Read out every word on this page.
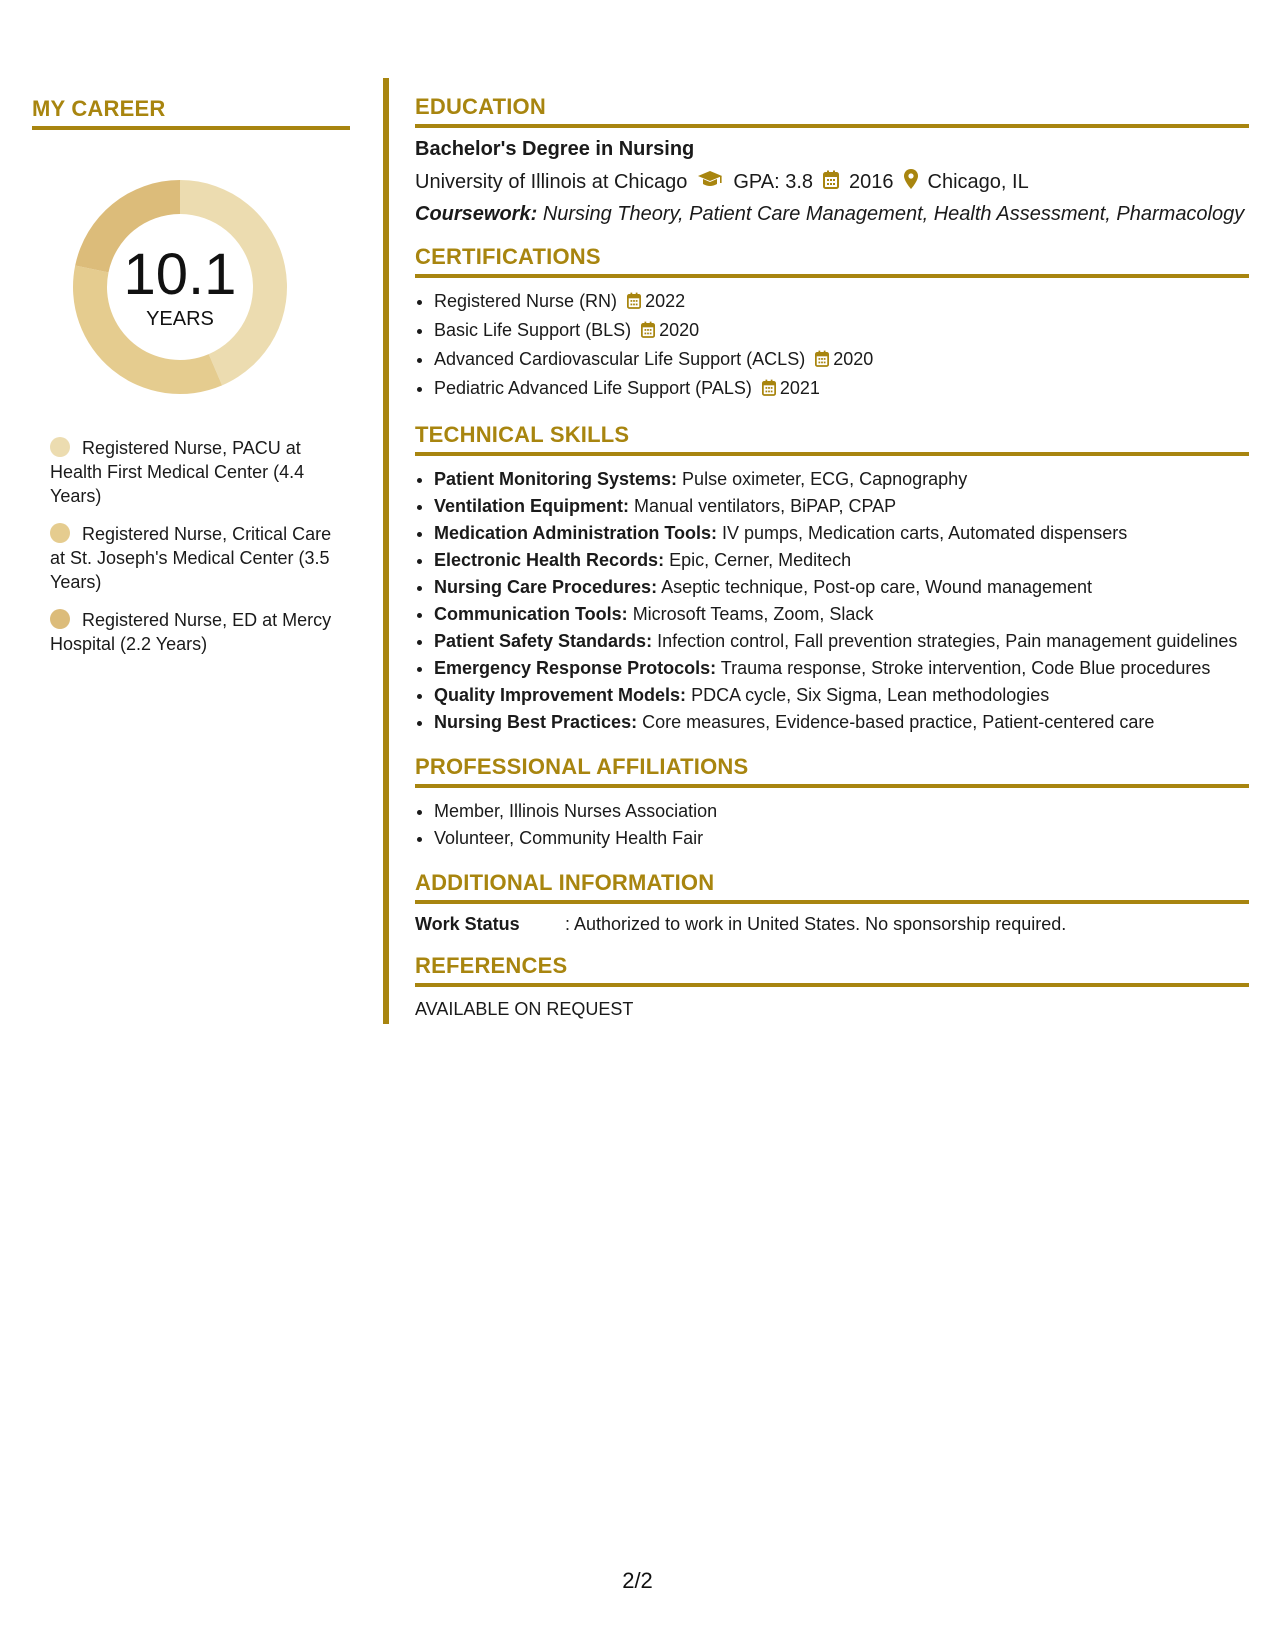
MY CAREER
10.1
YEARS
Registered Nurse, PACU at Health First Medical Center (4.4 Years)
Registered Nurse, Critical Care at St. Joseph's Medical Center (3.5 Years)
Registered Nurse, ED at Mercy Hospital (2.2 Years)
EDUCATION
Bachelor's Degree in Nursing
University of Illinois at Chicago GPA: 3.8 2016 Chicago, IL
Coursework: Nursing Theory, Patient Care Management, Health Assessment, Pharmacology
CERTIFICATIONS
• Registered Nurse (RN) 2022
• Basic Life Support (BLS) 2020
• Advanced Cardiovascular Life Support (ACLS) 2020
• Pediatric Advanced Life Support (PALS) 2021
TECHNICAL SKILLS
• Patient Monitoring Systems: Pulse oximeter, ECG, Capnography
• Ventilation Equipment: Manual ventilators, BiPAP, CPAP
• Medication Administration Tools: IV pumps, Medication carts, Automated dispensers
• Electronic Health Records: Epic, Cerner, Meditech
• Nursing Care Procedures: Aseptic technique, Post-op care, Wound management
• Communication Tools: Microsoft Teams, Zoom, Slack
• Patient Safety Standards: Infection control, Fall prevention strategies, Pain management guidelines
• Emergency Response Protocols: Trauma response, Stroke intervention, Code Blue procedures
• Quality Improvement Models: PDCA cycle, Six Sigma, Lean methodologies
• Nursing Best Practices: Core measures, Evidence-based practice, Patient-centered care
PROFESSIONAL AFFILIATIONS
• Member, Illinois Nurses Association
• Volunteer, Community Health Fair
ADDITIONAL INFORMATION
Work Status	: Authorized to work in United States. No sponsorship required.
REFERENCES
AVAILABLE ON REQUEST
2/2
